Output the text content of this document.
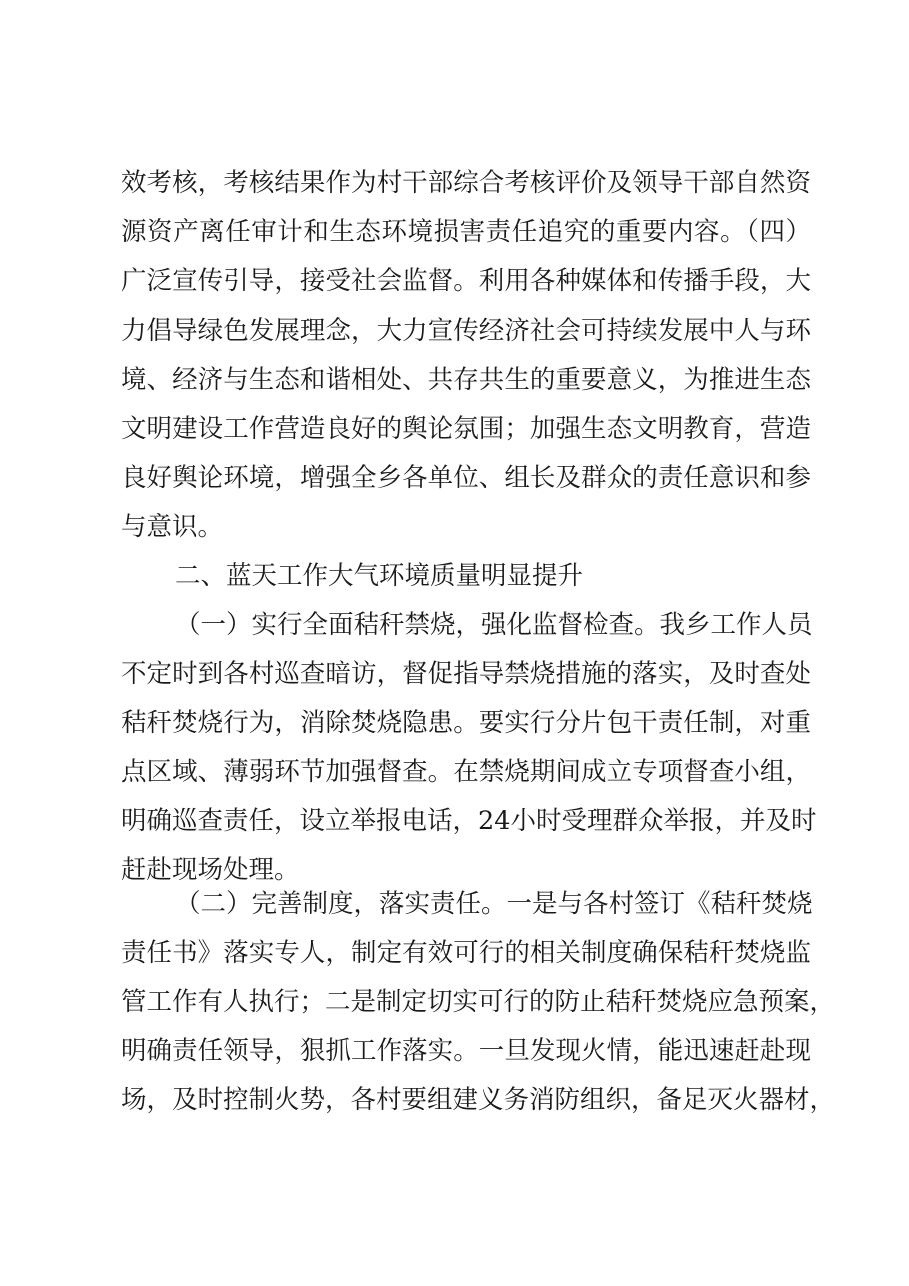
效考核，考核结果作为村干部综合考核评价及领导干部自然资
源资产离任审计和生态环境损害责任追究的重要内容。（四）
广泛宣传引导，接受社会监督。利用各种媒体和传播手段，大
力倡导绿色发展理念，大力宣传经济社会可持续发展中人与环
境、经济与生态和谐相处、共存共生的重要意义，为推进生态
文明建设工作营造良好的舆论氛围；加强生态文明教育，营造
良好舆论环境，增强全乡各单位、组长及群众的责任意识和参
与意识。
二、蓝天工作大气环境质量明显提升
（一）实行全面秸秆禁烧，强化监督检查。我乡工作人员
不定时到各村巡查暗访，督促指导禁烧措施的落实，及时查处
秸秆焚烧行为，消除焚烧隐患。要实行分片包干责任制，对重
点区域、薄弱环节加强督查。在禁烧期间成立专项督查小组，
明确巡查责任，设立举报电话，24小时受理群众举报，并及时
赶赴现场处理。
（二）完善制度，落实责任。一是与各村签订《秸秆焚烧
责任书》落实专人，制定有效可行的相关制度确保秸秆焚烧监
管工作有人执行；二是制定切实可行的防止秸秆焚烧应急预案，
明确责任领导，狠抓工作落实。一旦发现火情，能迅速赶赴现
场，及时控制火势，各村要组建义务消防组织，备足灭火器材，
